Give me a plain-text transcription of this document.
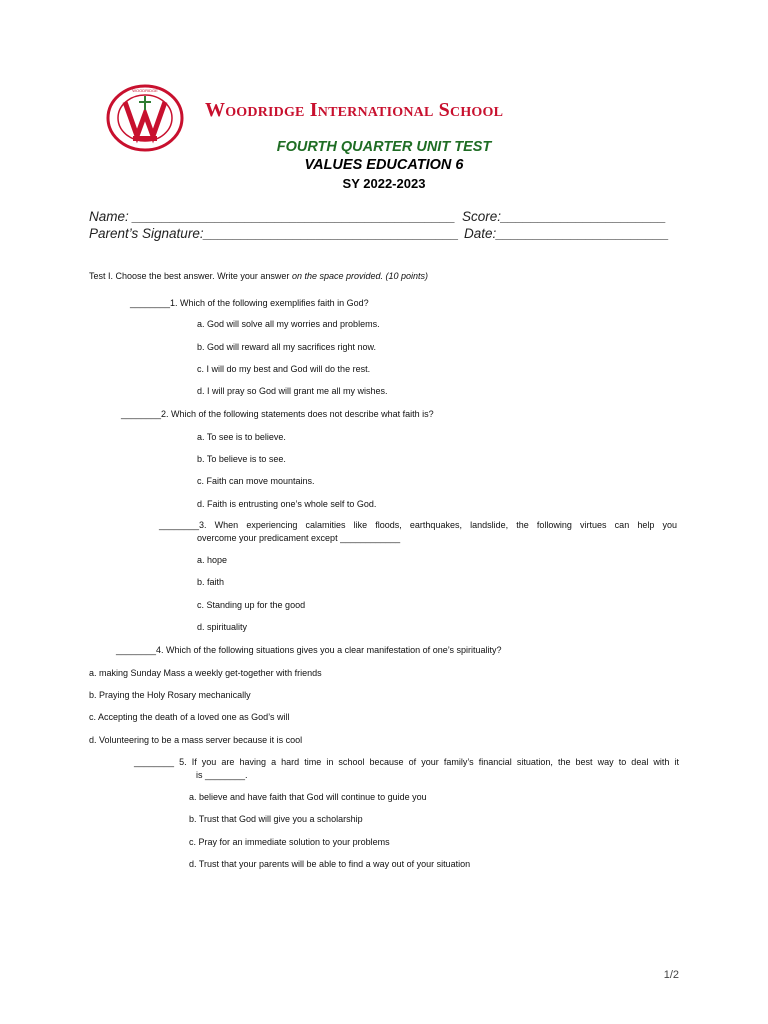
WOODRIDGE
Woodridge International School
FOURTH QUARTER UNIT TEST
VALUES EDUCATION 6
SY 2022-2023
Name: ___________________________________________ Score:______________________
Parent’s Signature:__________________________________ Date:_______________________
Test I. Choose the best answer. Write your answer on the space provided. (10 points)
________1. Which of the following exemplifies faith in God?
a. God will solve all my worries and problems.
b. God will reward all my sacrifices right now.
c. I will do my best and God will do the rest.
d. I will pray so God will grant me all my wishes.
________2. Which of the following statements does not describe what faith is?
a. To see is to believe.
b. To believe is to see.
c. Faith can move mountains.
d. Faith is entrusting one’s whole self to God.
________3. When experiencing calamities like floods, earthquakes, landslide, the following virtues can help you
overcome your predicament except ____________
a. hope
b. faith
c. Standing up for the good
d. spirituality
________4. Which of the following situations gives you a clear manifestation of one’s spirituality?
a. making Sunday Mass a weekly get-together with friends
b. Praying the Holy Rosary mechanically
c. Accepting the death of a loved one as God’s will
d. Volunteering to be a mass server because it is cool
________ 5. If you are having a hard time in school because of your family’s financial situation, the best way to deal with it
is ________.
a. believe and have faith that God will continue to guide you
b. Trust that God will give you a scholarship
c. Pray for an immediate solution to your problems
d. Trust that your parents will be able to find a way out of your situation
1/2
